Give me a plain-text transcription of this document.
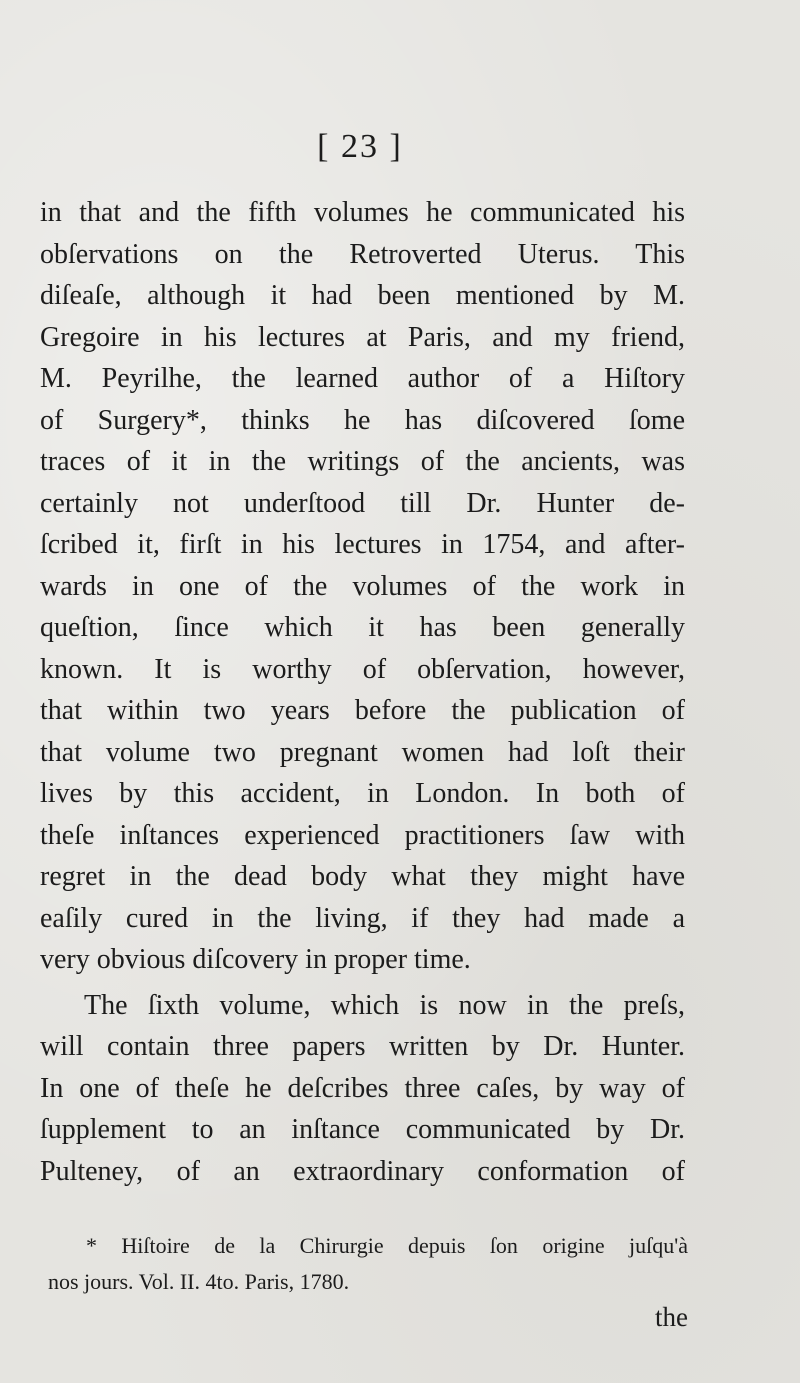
[ 23 ]
in that and the fifth volumes he communicated his
obſervations on the Retroverted Uterus. This
diſeaſe, although it had been mentioned by M.
Gregoire in his lectures at Paris, and my friend,
M. Peyrilhe, the learned author of a Hiſtory
of Surgery*, thinks he has diſcovered ſome
traces of it in the writings of the ancients, was
certainly not underſtood till Dr. Hunter de-
ſcribed it, firſt in his lectures in 1754, and after-
wards in one of the volumes of the work in
queſtion, ſince which it has been generally
known. It is worthy of obſervation, however,
that within two years before the publication of
that volume two pregnant women had loſt their
lives by this accident, in London. In both of
theſe inſtances experienced practitioners ſaw with
regret in the dead body what they might have
eaſily cured in the living, if they had made a
very obvious diſcovery in proper time.
The ſixth volume, which is now in the preſs,
will contain three papers written by Dr. Hunter.
In one of theſe he deſcribes three caſes, by way of
ſupplement to an inſtance communicated by Dr.
Pulteney, of an extraordinary conformation of
* Hiſtoire de la Chirurgie depuis ſon origine juſqu'à
nos jours. Vol. II. 4to. Paris, 1780.
the
